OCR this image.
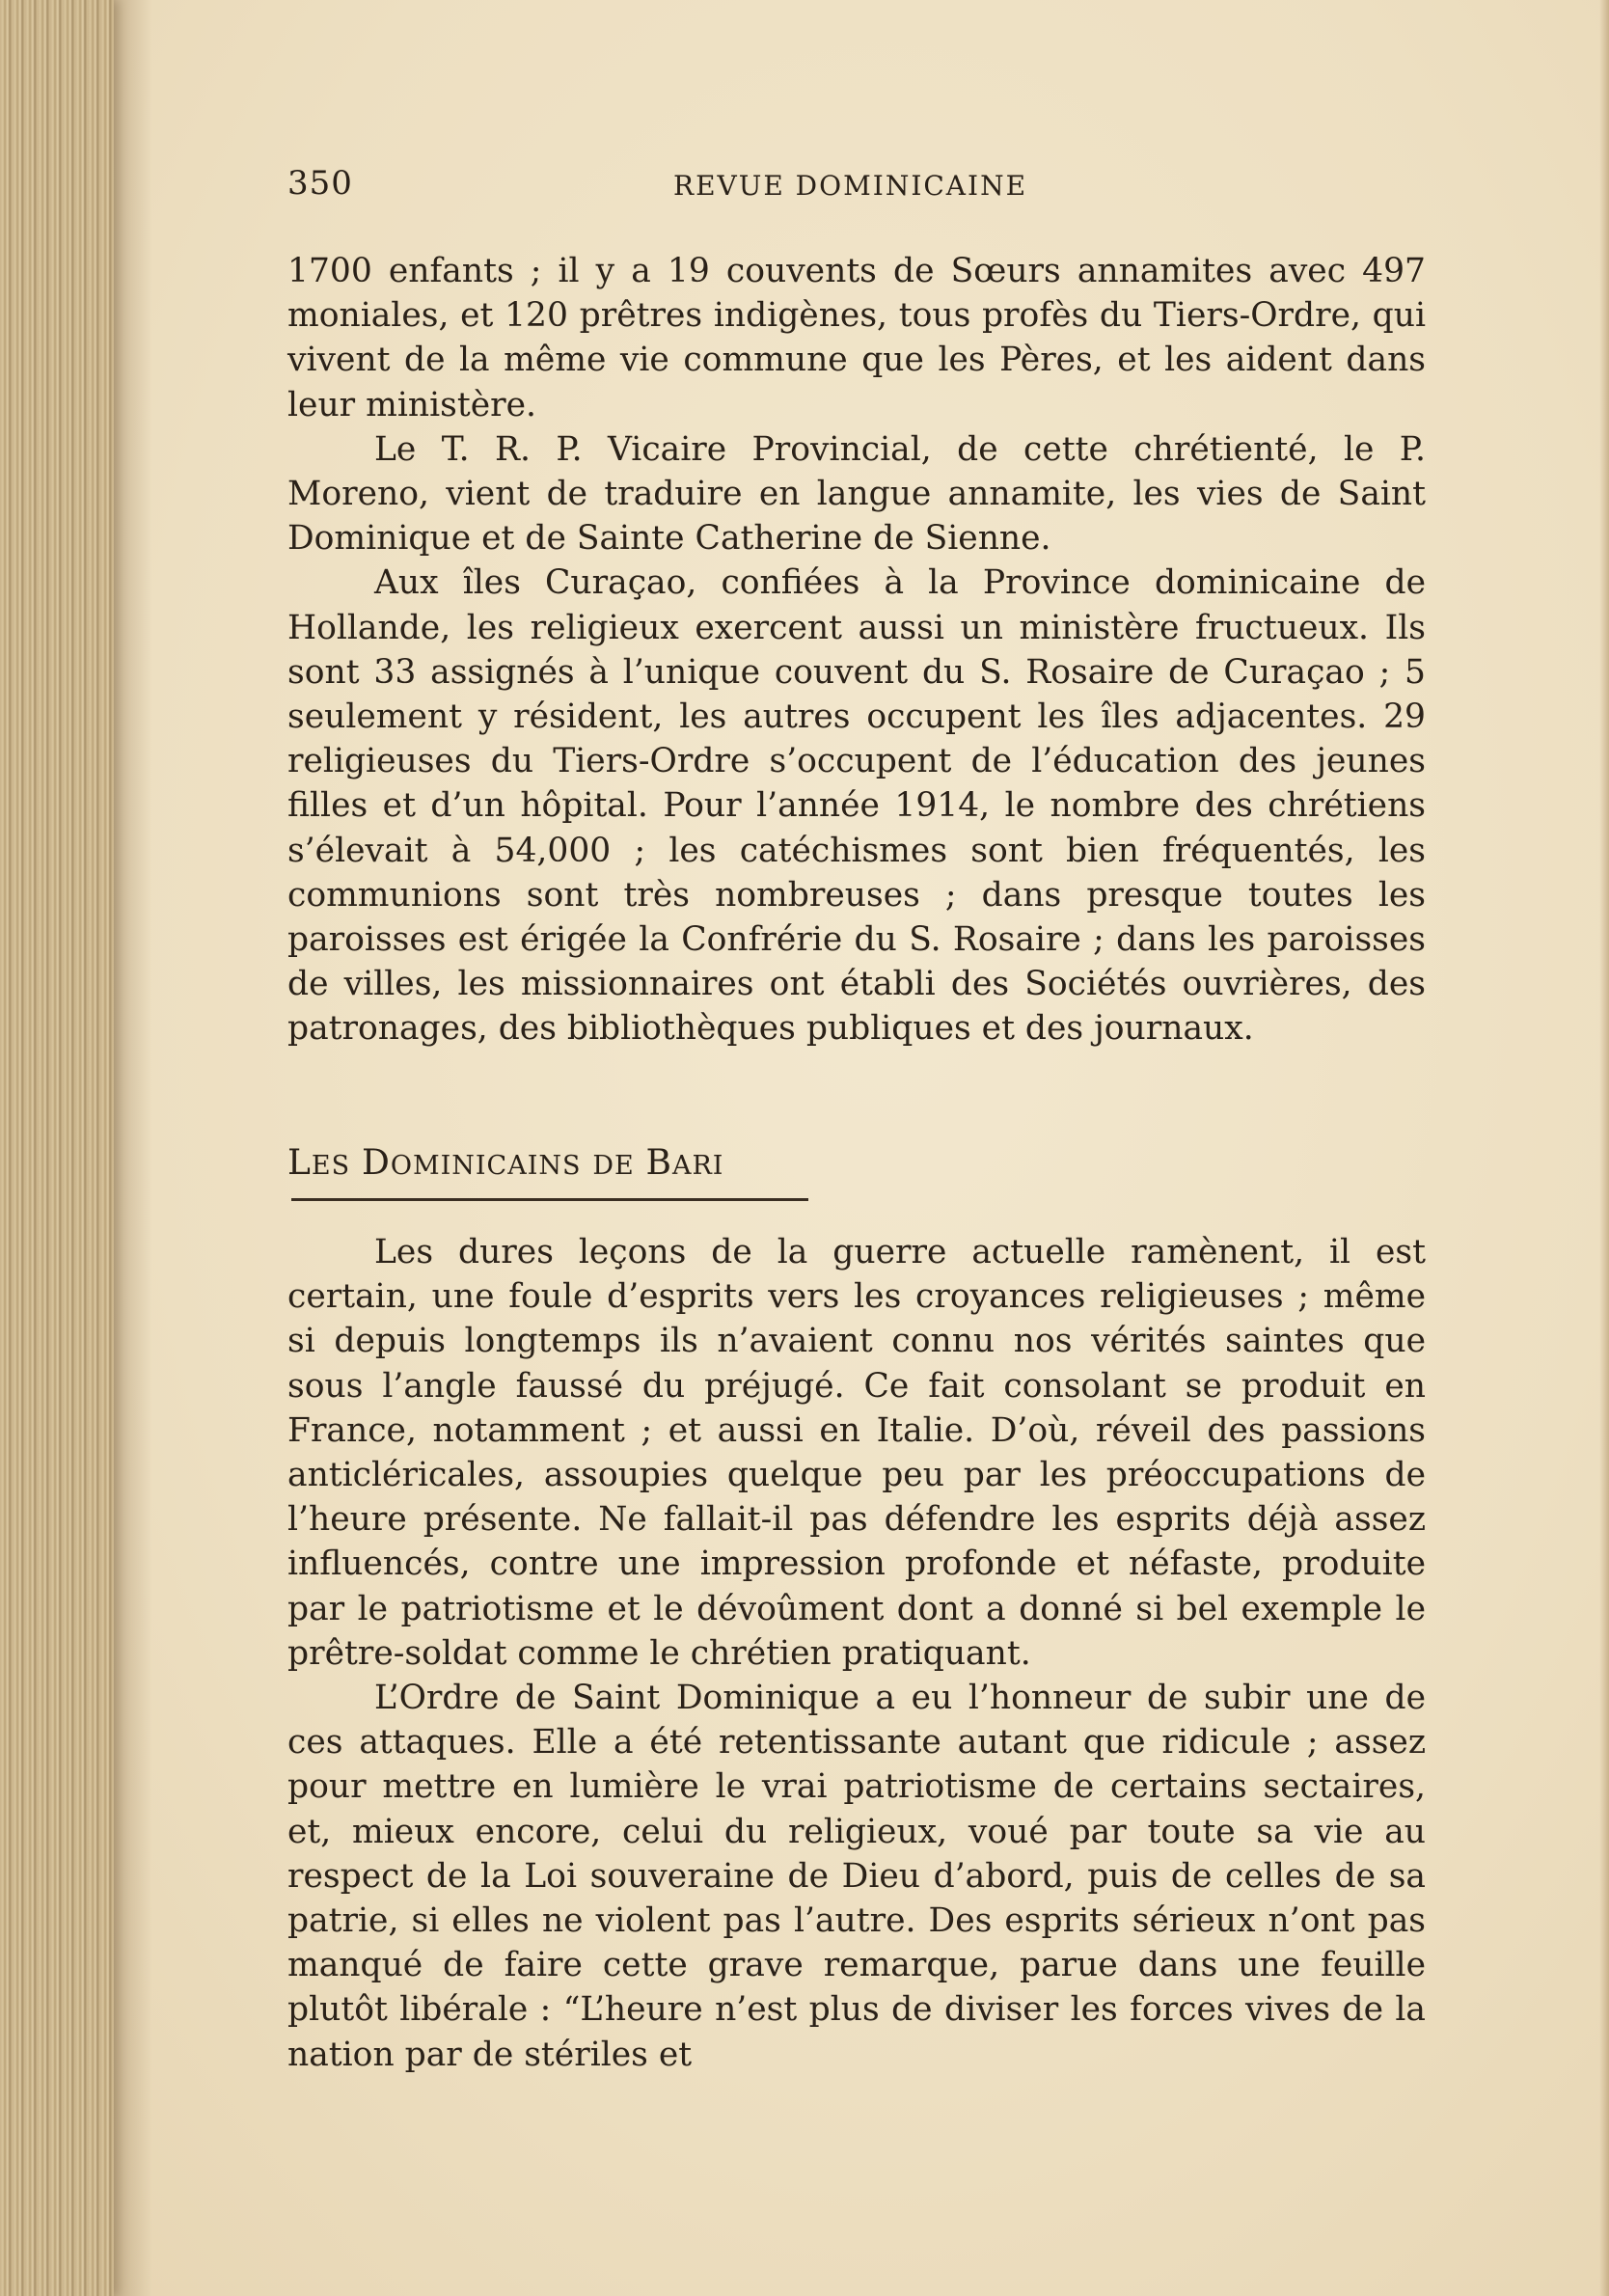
350	REVUE DOMINICAINE

1700 enfants ; il y a 19 couvents de Sœurs annamites avec 497 moniales, et 120 prêtres indigènes, tous profès du Tiers-Ordre, qui vivent de la même vie commune que les Pères, et les aident dans leur ministère.

Le T. R. P. Vicaire Provincial, de cette chrétienté, le P. Moreno, vient de traduire en langue annamite, les vies de Saint Dominique et de Sainte Catherine de Sienne.

Aux îles Curaçao, confiées à la Province dominicaine de Hollande, les religieux exercent aussi un ministère fructueux. Ils sont 33 assignés à l’unique couvent du S. Rosaire de Curaçao ; 5 seulement y résident, les autres occupent les îles adjacentes. 29 religieuses du Tiers-Ordre s’occupent de l’éducation des jeunes filles et d’un hôpital. Pour l’année 1914, le nombre des chrétiens s’élevait à 54,000 ; les catéchismes sont bien fréquentés, les communions sont très nombreuses ; dans presque toutes les paroisses est érigée la Confrérie du S. Rosaire ; dans les paroisses de villes, les missionnaires ont établi des Sociétés ouvrières, des patronages, des bibliothèques publiques et des journaux.

LES DOMINICAINS DE BARI

Les dures leçons de la guerre actuelle ramènent, il est certain, une foule d’esprits vers les croyances religieuses ; même si depuis longtemps ils n’avaient connu nos vérités saintes que sous l’angle faussé du préjugé. Ce fait consolant se produit en France, notamment ; et aussi en Italie. D’où, réveil des passions anticléricales, assoupies quelque peu par les préoccupations de l’heure présente. Ne fallait-il pas défendre les esprits déjà assez influencés, contre une impression profonde et néfaste, produite par le patriotisme et le dévoûment dont a donné si bel exemple le prêtre-soldat comme le chrétien pratiquant.

L’Ordre de Saint Dominique a eu l’honneur de subir une de ces attaques. Elle a été retentissante autant que ridicule ; assez pour mettre en lumière le vrai patriotisme de certains sectaires, et, mieux encore, celui du religieux, voué par toute sa vie au respect de la Loi souveraine de Dieu d’abord, puis de celles de sa patrie, si elles ne violent pas l’autre. Des esprits sérieux n’ont pas manqué de faire cette grave remarque, parue dans une feuille plutôt libérale : “L’heure n’est plus de diviser les forces vives de la nation par de stériles et
